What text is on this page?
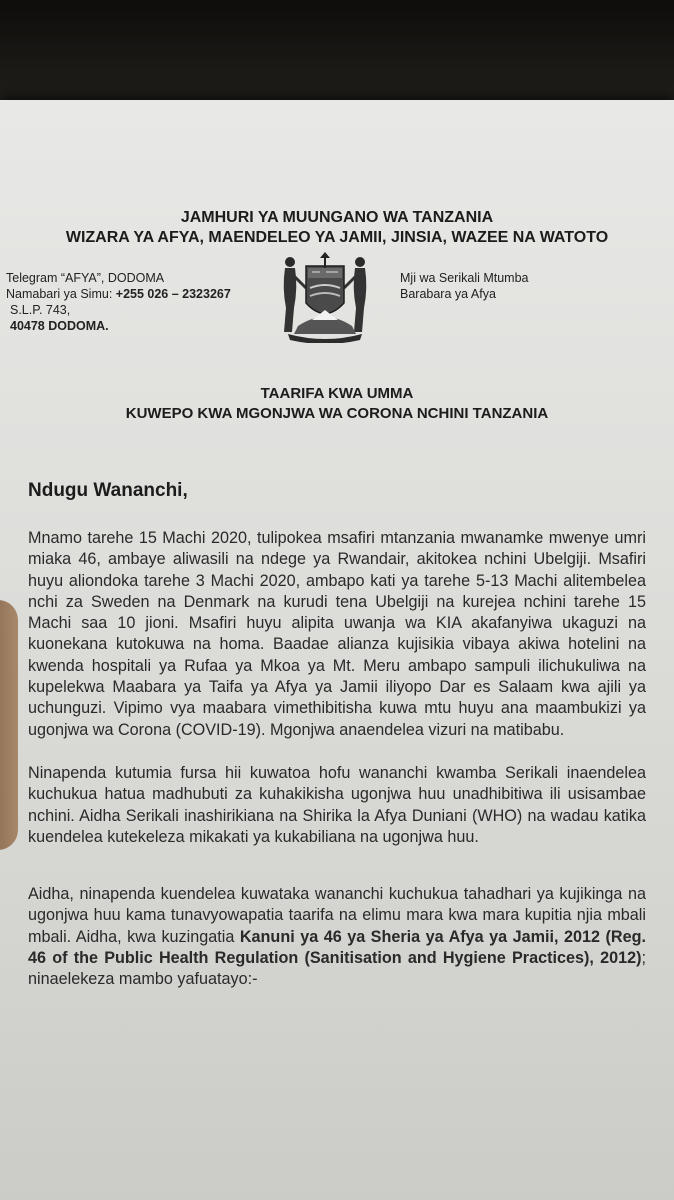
JAMHURI YA MUUNGANO WA TANZANIA
WIZARA YA AFYA, MAENDELEO YA JAMII, JINSIA, WAZEE NA WATOTO
Telegram “AFYA”, DODOMA
Namabari ya Simu: +255 026 – 2323267
S.L.P. 743,
40478 DODOMA.
Mji wa Serikali Mtumba
Barabara ya Afya
TAARIFA KWA UMMA
KUWEPO KWA MGONJWA WA CORONA NCHINI TANZANIA
Ndugu Wananchi,
Mnamo tarehe 15 Machi 2020, tulipokea msafiri mtanzania mwanamke mwenye umri miaka 46, ambaye aliwasili na ndege ya Rwandair, akitokea nchini Ubelgiji. Msafiri huyu aliondoka tarehe 3 Machi 2020, ambapo kati ya tarehe 5-13 Machi alitembelea nchi za Sweden na Denmark na kurudi tena Ubelgiji na kurejea nchini tarehe 15 Machi saa 10 jioni. Msafiri huyu alipita uwanja wa KIA akafanyiwa ukaguzi na kuonekana kutokuwa na homa. Baadae alianza kujisikia vibaya akiwa hotelini na kwenda hospitali ya Rufaa ya Mkoa ya Mt. Meru ambapo sampuli ilichukuliwa na kupelekwa Maabara ya Taifa ya Afya ya Jamii iliyopo Dar es Salaam kwa ajili ya uchunguzi. Vipimo vya maabara vimethibitisha kuwa mtu huyu ana maambukizi ya ugonjwa wa Corona (COVID-19). Mgonjwa anaendelea vizuri na matibabu.
Ninapenda kutumia fursa hii kuwatoa hofu wananchi kwamba Serikali inaendelea kuchukua hatua madhubuti za kuhakikisha ugonjwa huu unadhibitiwa ili usisambae nchini. Aidha Serikali inashirikiana na Shirika la Afya Duniani (WHO) na wadau katika kuendelea kutekeleza mikakati ya kukabiliana na ugonjwa huu.
Aidha, ninapenda kuendelea kuwataka wananchi kuchukua tahadhari ya kujikinga na ugonjwa huu kama tunavyowapatia taarifa na elimu mara kwa mara kupitia njia mbali mbali. Aidha, kwa kuzingatia Kanuni ya 46 ya Sheria ya Afya ya Jamii, 2012 (Reg. 46 of the Public Health Regulation (Sanitisation and Hygiene Practices), 2012); ninaelekeza mambo yafuatayo:-
